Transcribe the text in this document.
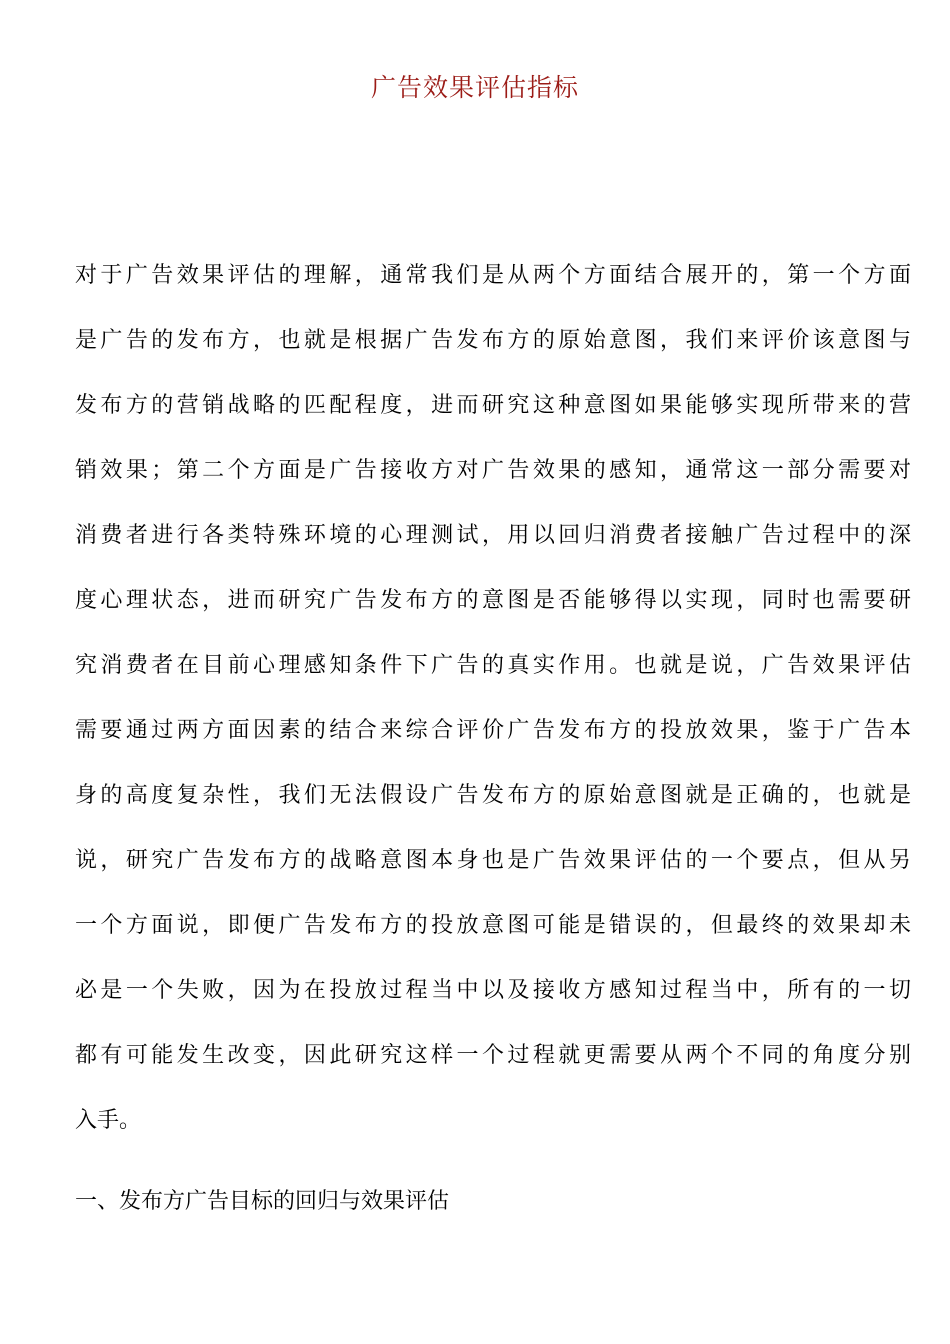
广告效果评估指标
对于广告效果评估的理解，通常我们是从两个方面结合展开的，第一个方面
是广告的发布方，也就是根据广告发布方的原始意图，我们来评价该意图与
发布方的营销战略的匹配程度，进而研究这种意图如果能够实现所带来的营
销效果；第二个方面是广告接收方对广告效果的感知，通常这一部分需要对
消费者进行各类特殊环境的心理测试，用以回归消费者接触广告过程中的深
度心理状态，进而研究广告发布方的意图是否能够得以实现，同时也需要研
究消费者在目前心理感知条件下广告的真实作用。也就是说，广告效果评估
需要通过两方面因素的结合来综合评价广告发布方的投放效果，鉴于广告本
身的高度复杂性，我们无法假设广告发布方的原始意图就是正确的，也就是
说，研究广告发布方的战略意图本身也是广告效果评估的一个要点，但从另
一个方面说，即便广告发布方的投放意图可能是错误的，但最终的效果却未
必是一个失败，因为在投放过程当中以及接收方感知过程当中，所有的一切
都有可能发生改变，因此研究这样一个过程就更需要从两个不同的角度分别
入手。
一、发布方广告目标的回归与效果评估
